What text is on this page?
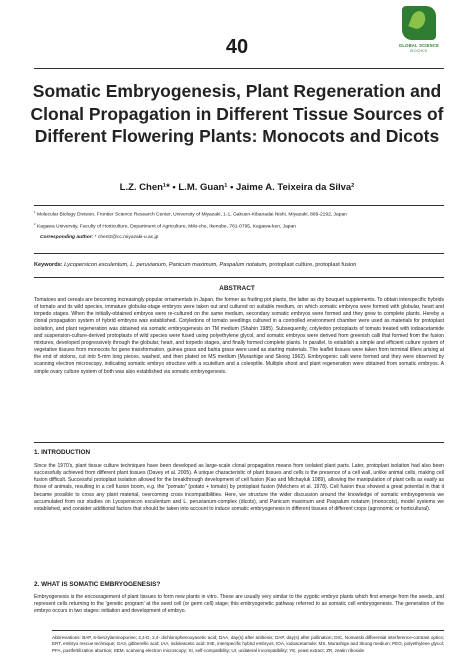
GLOBAL SCIENCE
BOOKS
40
Somatic Embryogenesis, Plant Regeneration and Clonal Propagation in Different Tissue Sources of Different Flowering Plants: Monocots and Dicots
L.Z. Chen¹* • L.M. Guan¹ • Jaime A. Teixeira da Silva²
$^1$ Molecular Biology Division, Frontier Science Research Center, University of Miyazaki, 1-1, Gakuen-Kibanadai Nishi, Miyazaki, 889-2192, Japan
$^2$ Kagawa University, Faculty of Horticulture, Department of Agriculture, Miki-cho, Ikenobe, 761-0795, Kagawa-ken, Japan
Corresponding author: * chenlz@cc.miyazaki-u.ac.jp
Keywords: Lycopersicon esculentum, L. peruvianum, Panicum maximum, Paspalum notatum, protoplast culture, protoplast fusion
ABSTRACT

Tomatoes and cereals are becoming increasingly popular ornamentals in Japan, the former as fruiting pot plants, the latter as dry bouquet supplements. To obtain interspecific hybrids of tomato and its wild species, immature globular-stage embryos were taken out and cultured on suitable medium, on which somatic embryos were formed with globular, heart and torpedo stages. When the initially-obtained embryos were re-cultured on the same medium, secondary somatic embryos were formed and they grew to complete plants. Hereby a clonal propagation system of hybrid embryos was established. Cotyledons of tomato seedlings cultured in a controlled environment chamber were used as materials for protoplast isolation, and plant regeneration was obtained via somatic embryogenesis on TM medium (Shahin 1985). Subsequently, cotyledon protoplasts of tomato treated with iodoacetamide and suspension-culture-derived protoplasts of wild species were fused using polyethylene glycol, and somatic embryos were derived from greenish calli that formed from the fusion mixtures, developed progressively through the globular, heart, and torpedo stages, and finally formed complete plants. In parallel, to establish a simple and efficient culture system of vegetative tissues from monocots for gene transformation, guinea grass and bahia grass were used as starting materials. The leaflet tissues were taken from terminal tillers arising at the end of stolons, cut into 5-mm long pieces, washed, and then plated on MS medium (Murashige and Skoog 1962). Embryogenic calli were formed and they were observed by scanning electron microscopy, indicating somatic embryo structure with a scutellum and a coleoptile. Multiple shoot and plant regeneration were obtained from somatic embryos. A simple ovary culture system of both was also established via somatic embryogenesis.

1. INTRODUCTION

Since the 1970's, plant tissue culture techniques have been developed as large-scale clonal propagation means from isolated plant parts. Later, protoplast isolation had also been successfully achieved from different plant tissues (Davey et al. 2005). A unique characteristic of plant tissues and cells is the presence of a cell wall, unlike animal cells, making cell fusion difficult. Successful protoplast isolation allowed for the breakthrough development of cell fusion (Kao and Michayluk 1989), allowing the manipulation of plant cells as easily as those of animals, resulting in a cell fusion boom, e.g. the "pomato" (potato + tomato) by protoplast fusion (Melchers et al. 1978). Cell fusion thus showed a great potential in that it became possible to cross any plant material, overcoming cross incompatibilities. Here, we structure the wider discussion around the knowledge of somatic embryogenesis we accumulated from our studies on Lycopersicon esculentum and L. peruvianum-complex (dicots), and Panicum maximum and Paspalum notatum (monocots), model systems we established, and consider additional factors that should be taken into account to induce somatic embryogenesis in different tissues of different crops (agronomic or horticultural).

2. WHAT IS SOMATIC EMBRYOGENESIS?

Embryogenesis is the encouragement of plant tissues to form new plants in vitro. These are usually very similar to the zygotic embryo plants which first emerge from the seeds, and represent cells returning to the 'genetic program' at the seed cell (or germ cell) stage; this embryogenetic pathway referred to as somatic cell embryogenesis. The generation of the embryo occurs in two stages: initiation and development of embryo.

Abbreviations: BAP, 6-benzylaminopurine; 2,4-D, 2,4- dichlorophenoxyacetic acid; DAA, day(s) after anthesis; DAP, day(s) after pollination; DIC, Nomarski differential interference-contrast optics; ERT, embryo rescue technique; GA3, gibberellic acid; IAA, indoleacetic acid; IHE, interspecific hybrid embryos; IOA, iodoacetamide; MS, Murashige and Skoog medium; PEG, polyethylene glycol; PFA, postfertilization abortion; SEM, scanning electron microscopy; SI, self-compatibility; UI, unilateral incompatibility; YE, yeast extract; ZR, zeatin riboside
